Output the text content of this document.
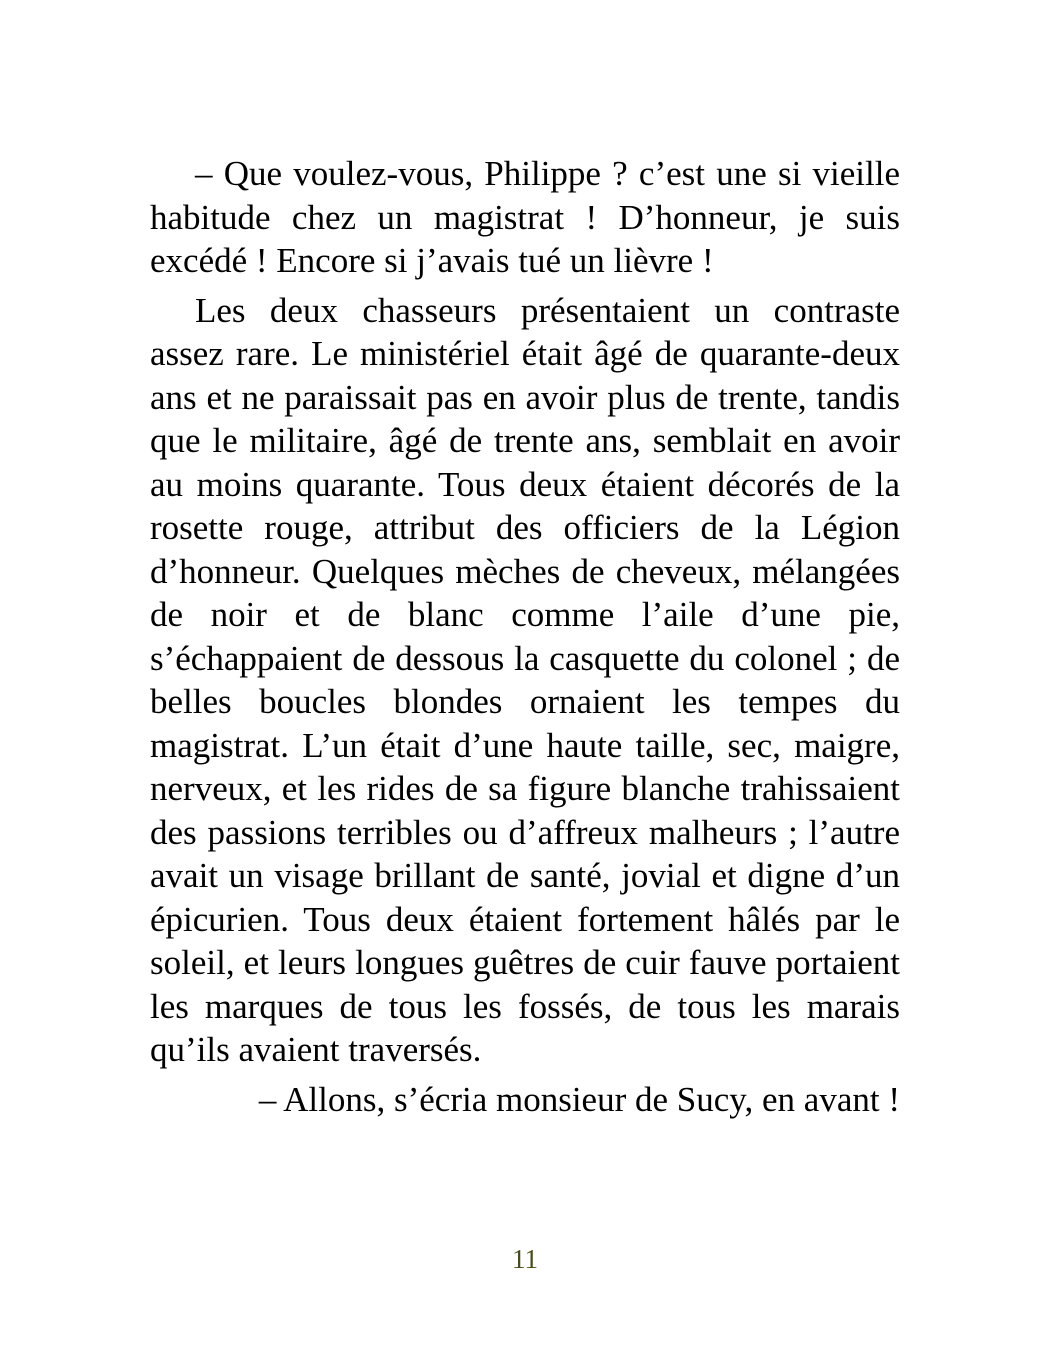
– Que voulez-vous, Philippe ? c’est une si vieille habitude chez un magistrat ! D’honneur, je suis excédé ! Encore si j’avais tué un lièvre !

Les deux chasseurs présentaient un contraste assez rare. Le ministériel était âgé de quarante-deux ans et ne paraissait pas en avoir plus de trente, tandis que le militaire, âgé de trente ans, semblait en avoir au moins quarante. Tous deux étaient décorés de la rosette rouge, attribut des officiers de la Légion d’honneur. Quelques mèches de cheveux, mélangées de noir et de blanc comme l’aile d’une pie, s’échappaient de dessous la casquette du colonel ; de belles boucles blondes ornaient les tempes du magistrat. L’un était d’une haute taille, sec, maigre, nerveux, et les rides de sa figure blanche trahissaient des passions terribles ou d’affreux malheurs ; l’autre avait un visage brillant de santé, jovial et digne d’un épicurien. Tous deux étaient fortement hâlés par le soleil, et leurs longues guêtres de cuir fauve portaient les marques de tous les fossés, de tous les marais qu’ils avaient traversés.

– Allons, s’écria monsieur de Sucy, en avant !

11
